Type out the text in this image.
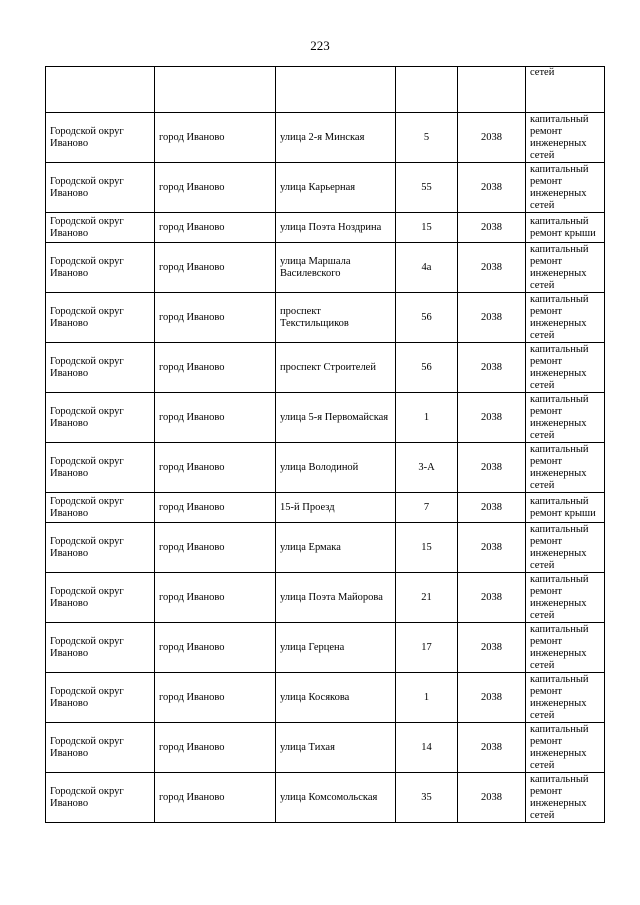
223
					сетей
Городской округ Иваново	город Иваново	улица 2-я Минская	5	2038	капитальный ремонт инженерных сетей
Городской округ Иваново	город Иваново	улица Карьерная	55	2038	капитальный ремонт инженерных сетей
Городской округ Иваново	город Иваново	улица Поэта Ноздрина	15	2038	капитальный ремонт крыши
Городской округ Иваново	город Иваново	улица Маршала Василевского	4а	2038	капитальный ремонт инженерных сетей
Городской округ Иваново	город Иваново	проспект Текстильщиков	56	2038	капитальный ремонт инженерных сетей
Городской округ Иваново	город Иваново	проспект Строителей	56	2038	капитальный ремонт инженерных сетей
Городской округ Иваново	город Иваново	улица 5-я Первомайская	1	2038	капитальный ремонт инженерных сетей
Городской округ Иваново	город Иваново	улица Володиной	3-А	2038	капитальный ремонт инженерных сетей
Городской округ Иваново	город Иваново	15-й Проезд	7	2038	капитальный ремонт крыши
Городской округ Иваново	город Иваново	улица Ермака	15	2038	капитальный ремонт инженерных сетей
Городской округ Иваново	город Иваново	улица Поэта Майорова	21	2038	капитальный ремонт инженерных сетей
Городской округ Иваново	город Иваново	улица Герцена	17	2038	капитальный ремонт инженерных сетей
Городской округ Иваново	город Иваново	улица Косякова	1	2038	капитальный ремонт инженерных сетей
Городской округ Иваново	город Иваново	улица Тихая	14	2038	капитальный ремонт инженерных сетей
Городской округ Иваново	город Иваново	улица Комсомольская	35	2038	капитальный ремонт инженерных сетей
